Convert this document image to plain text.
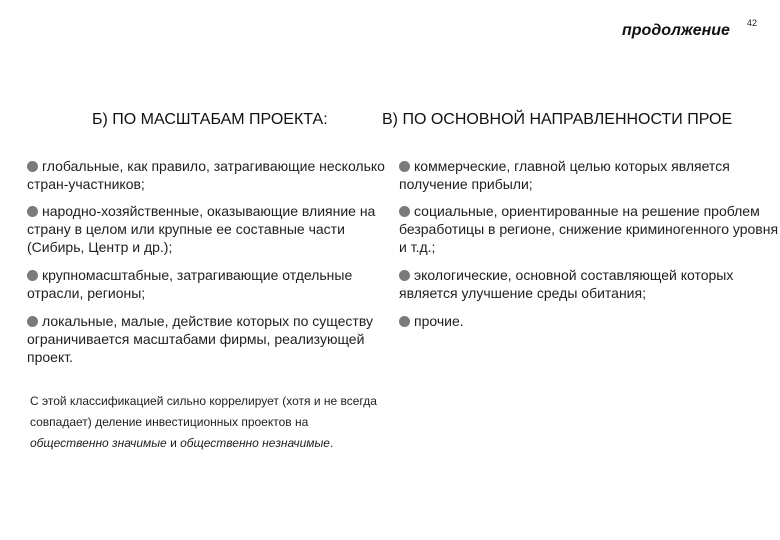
42
продолжение
Б) ПО МАСШТАБАМ ПРОЕКТА:	В) ПО ОСНОВНОЙ НАПРАВЛЕННОСТИ ПРОЕ
глобальные, как правило, затрагивающие несколько стран-участников;
народно-хозяйственные, оказывающие влияние на страну в целом или крупные ее составные части (Сибирь, Центр и др.);
крупномасштабные, затрагивающие отдельные отрасли, регионы;
локальные, малые, действие которых по существу ограничивается масштабами фирмы, реализующей проект.
коммерческие, главной целью которых является получение прибыли;
социальные, ориентированные на решение проблем безработицы в регионе, снижение криминогенного уровня и т.д.;
экологические, основной составляющей которых является улучшение среды обитания;
прочие.

С этой классификацией сильно коррелирует (хотя и не всегда совпадает) деление инвестиционных проектов на общественно значимые и общественно незначимые.
